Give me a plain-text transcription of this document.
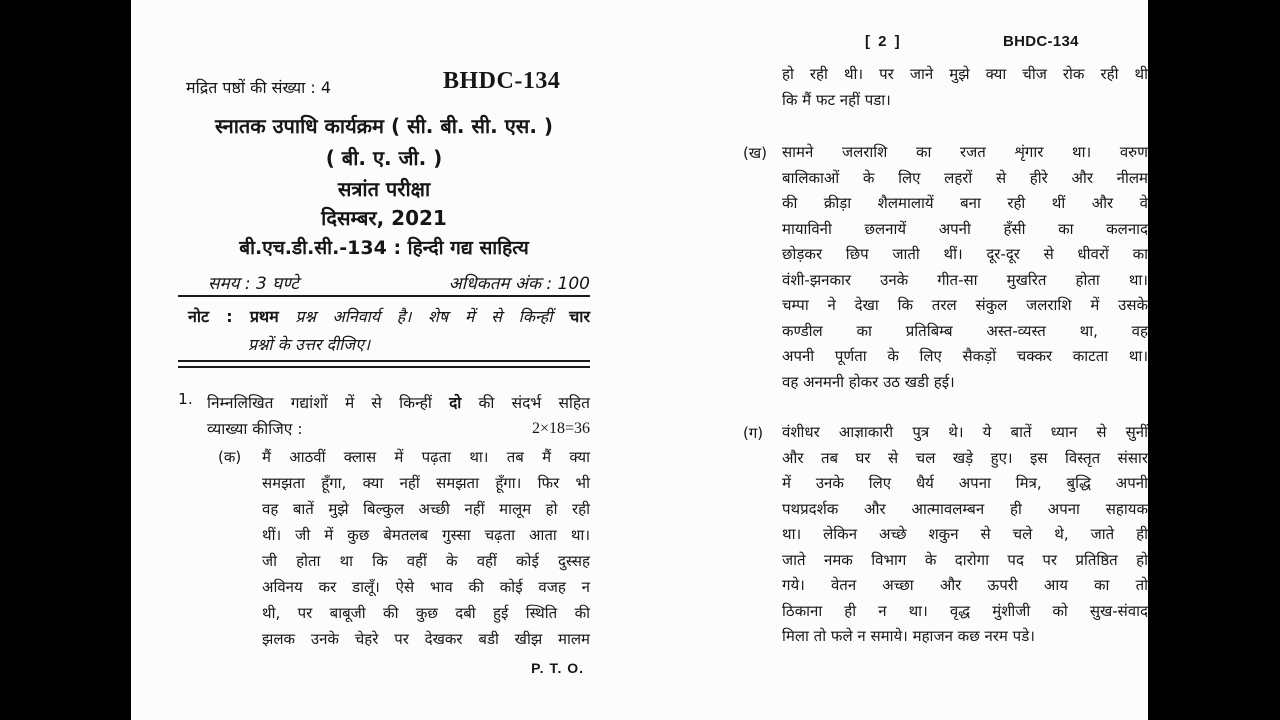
मद्रित पष्ठों की संख्या : 4	BHDC-134
स्नातक उपाधि कार्यक्रम ( सी. बी. सी. एस. )
( बी. ए. जी. )
सत्रांत परीक्षा
दिसम्बर, 2021
बी.एच.डी.सी.-134 : हिन्दी गद्य साहित्य
समय : 3 घण्टे	अधिकतम अंक : 100
नोट : प्रथम प्रश्न अनिवार्य है। शेष में से किन्हीं चार
प्रश्नों के उत्तर दीजिए।
1. निम्नलिखित गद्यांशों में से किन्हीं दो की संदर्भ सहित
व्याख्या कीजिए :	2×18=36
(क) मैं आठवीं क्लास में पढ़ता था। तब मैं क्या
समझता हूँगा, क्या नहीं समझता हूँगा। फिर भी
वह बातें मुझे बिल्कुल अच्छी नहीं मालूम हो रही
थीं। जी में कुछ बेमतलब गुस्सा चढ़ता आता था।
जी होता था कि वहीं के वहीं कोई दुस्सह
अविनय कर डालूँ। ऐसे भाव की कोई वजह न
थी, पर बाबूजी की कुछ दबी हुई स्थिति की
झलक उनके चेहरे पर देखकर बडी खीझ मालम
P. T. O.
[ 2 ]	BHDC-134
हो रही थी। पर जाने मुझे क्या चीज रोक रही थी
कि मैं फट नहीं पडा।
(ख) सामने जलराशि का रजत शृंगार था। वरुण
बालिकाओं के लिए लहरों से हीरे और नीलम
की क्रीड़ा शैलमालायें बना रही थीं और वे
मायाविनी छलनायें अपनी हँसी का कलनाद
छोड़कर छिप जाती थीं। दूर-दूर से धीवरों का
वंशी-झनकार उनके गीत-सा मुखरित होता था।
चम्पा ने देखा कि तरल संकुल जलराशि में उसके
कण्डील का प्रतिबिम्ब अस्त-व्यस्त था, वह
अपनी पूर्णता के लिए सैकड़ों चक्कर काटता था।
वह अनमनी होकर उठ खडी हई।
(ग) वंशीधर आज्ञाकारी पुत्र थे। ये बातें ध्यान से सुनीं
और तब घर से चल खड़े हुए। इस विस्तृत संसार
में उनके लिए धैर्य अपना मित्र, बुद्धि अपनी
पथप्रदर्शक और आत्मावलम्बन ही अपना सहायक
था। लेकिन अच्छे शकुन से चले थे, जाते ही
जाते नमक विभाग के दारोगा पद पर प्रतिष्ठित हो
गये। वेतन अच्छा और ऊपरी आय का तो
ठिकाना ही न था। वृद्ध मुंशीजी को सुख-संवाद
मिला तो फले न समाये। महाजन कछ नरम पडे।
